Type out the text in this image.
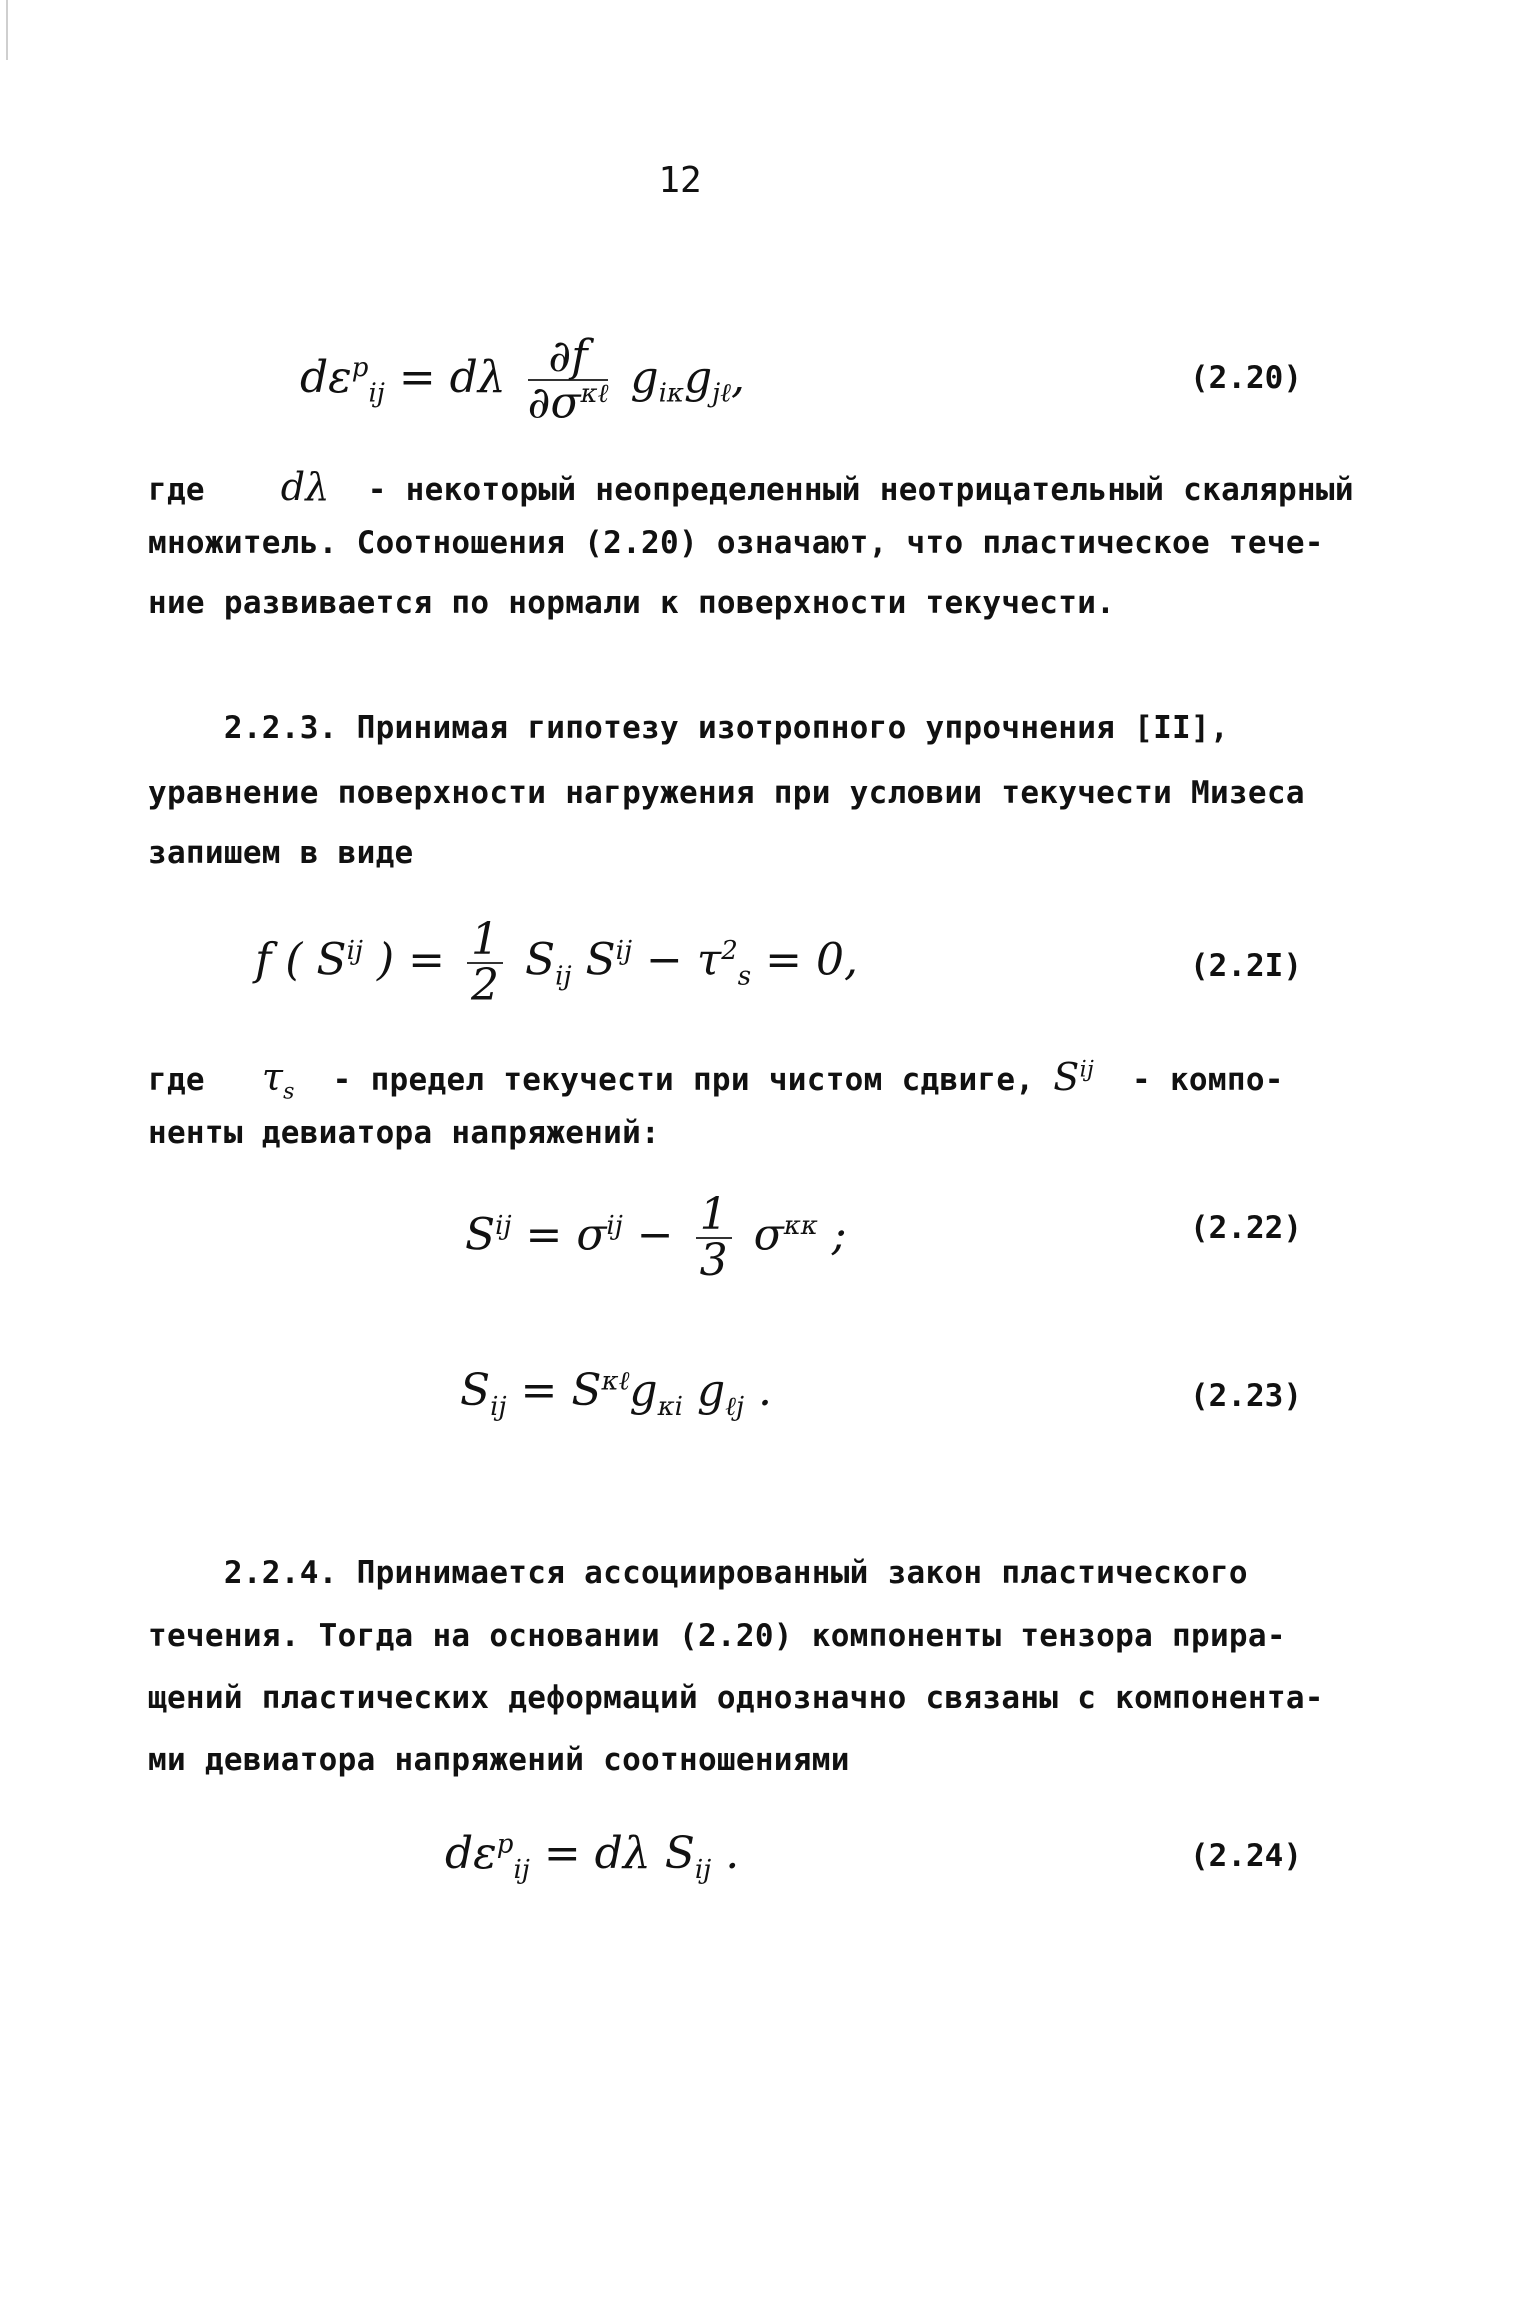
12
$d\varepsilon^p_{ij} = d\lambda \frac{\partial f}{\partial\sigma^{\kappa\ell}} g_{i\kappa}g_{j\ell}$,	(2.20)
где dλ  - некоторый неопределенный неотрицательный скалярный
множитель. Соотношения (2.20) означают, что пластическое тече-
ние развивается по нормали к поверхности текучести.
2.2.3. Принимая гипотезу изотропного упрочнения [II],
уравнение поверхности нагружения при условии текучести Мизеса
запишем в виде
f ( $S^{ij}$ ) = $\frac{1}{2} S_{ij}$ $S^{ij} - \tau^2_s = 0$,	(2.2I)
где $\tau_s$  - предел текучести при чистом сдвиге, $S^{ij}$  - компо-
ненты девиатора напряжений:
$S^{ij} = \sigma^{ij} - \frac{1}{3} \sigma^{\kappa\kappa}$ ;	(2.22)
$S_{ij} = S^{\kappa\ell}g_{\kappa i}$ $g_{\ell j}$ .	(2.23)
2.2.4. Принимается ассоциированный закон пластического
течения. Тогда на основании (2.20) компоненты тензора прира-
щений пластических деформаций однозначно связаны с компонента-
ми девиатора напряжений соотношениями
$d\varepsilon^p_{ij} = d\lambda$ $S_{ij}$ .	(2.24)
